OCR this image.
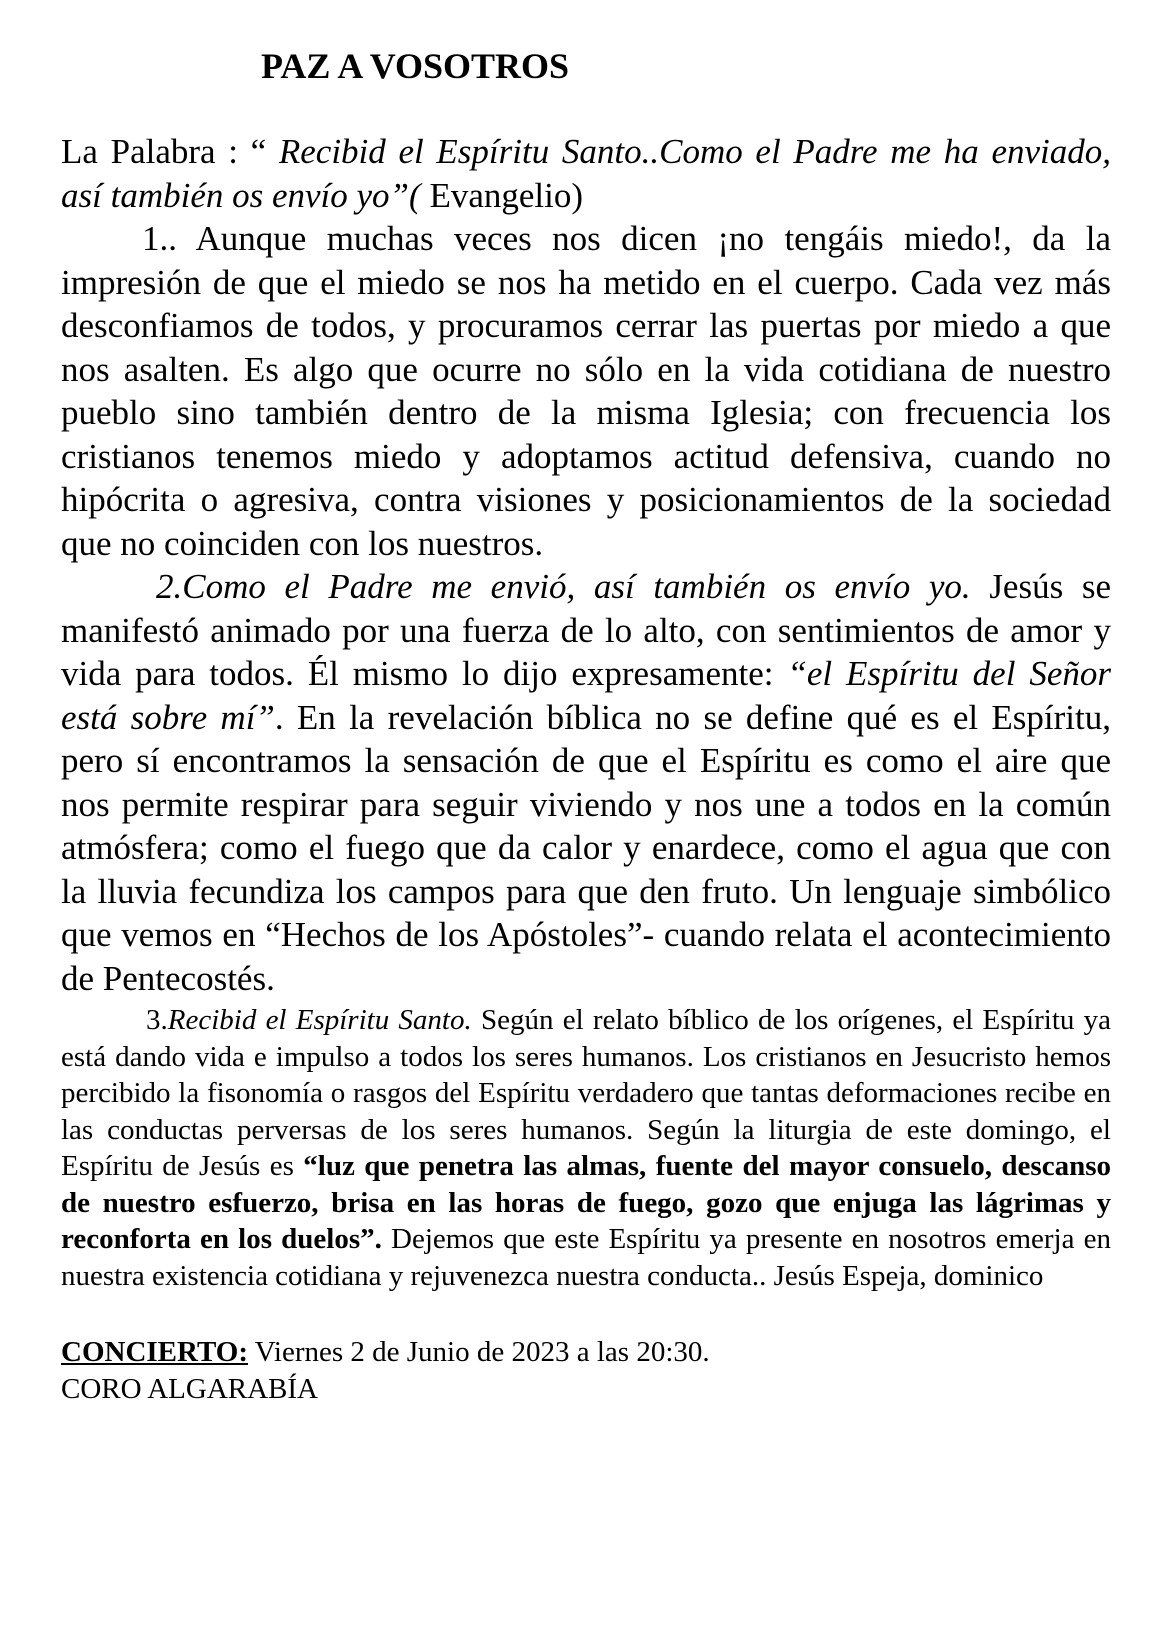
PAZ A VOSOTROS

La Palabra : “ Recibid el Espíritu Santo..Como el Padre me ha enviado, así también os envío yo”( Evangelio)

1.. Aunque muchas veces nos dicen ¡no tengáis miedo!, da la impresión de que el miedo se nos ha metido en el cuerpo. Cada vez más desconfiamos de todos, y procuramos cerrar las puertas por miedo a que nos asalten. Es algo que ocurre no sólo en la vida cotidiana de nuestro pueblo sino también dentro de la misma Iglesia; con frecuencia los cristianos tenemos miedo y adoptamos actitud defensiva, cuando no hipócrita o agresiva, contra visiones y posicionamientos de la sociedad que no coinciden con los nuestros.

2.Como el Padre me envió, así también os envío yo. Jesús se manifestó animado por una fuerza de lo alto, con sentimientos de amor y vida para todos. Él mismo lo dijo expresamente: “el Espíritu del Señor está sobre mí”. En la revelación bíblica no se define qué es el Espíritu, pero sí encontramos la sensación de que el Espíritu es como el aire que nos permite respirar para seguir viviendo y nos une a todos en la común atmósfera; como el fuego que da calor y enardece, como el agua que con la lluvia fecundiza los campos para que den fruto. Un lenguaje simbólico que vemos en “Hechos de los Apóstoles”- cuando relata el acontecimiento de Pentecostés.

3.Recibid el Espíritu Santo. Según el relato bíblico de los orígenes, el Espíritu ya está dando vida e impulso a todos los seres humanos. Los cristianos en Jesucristo hemos percibido la fisonomía o rasgos del Espíritu verdadero que tantas deformaciones recibe en las conductas perversas de los seres humanos. Según la liturgia de este domingo, el Espíritu de Jesús es “luz que penetra las almas, fuente del mayor consuelo, descanso de nuestro esfuerzo, brisa en las horas de fuego, gozo que enjuga las lágrimas y reconforta en los duelos”. Dejemos que este Espíritu ya presente en nosotros emerja en nuestra existencia cotidiana y rejuvenezca nuestra conducta.. Jesús Espeja, dominico

CONCIERTO: Viernes 2 de Junio de 2023 a las 20:30.

CORO ALGARABÍA
